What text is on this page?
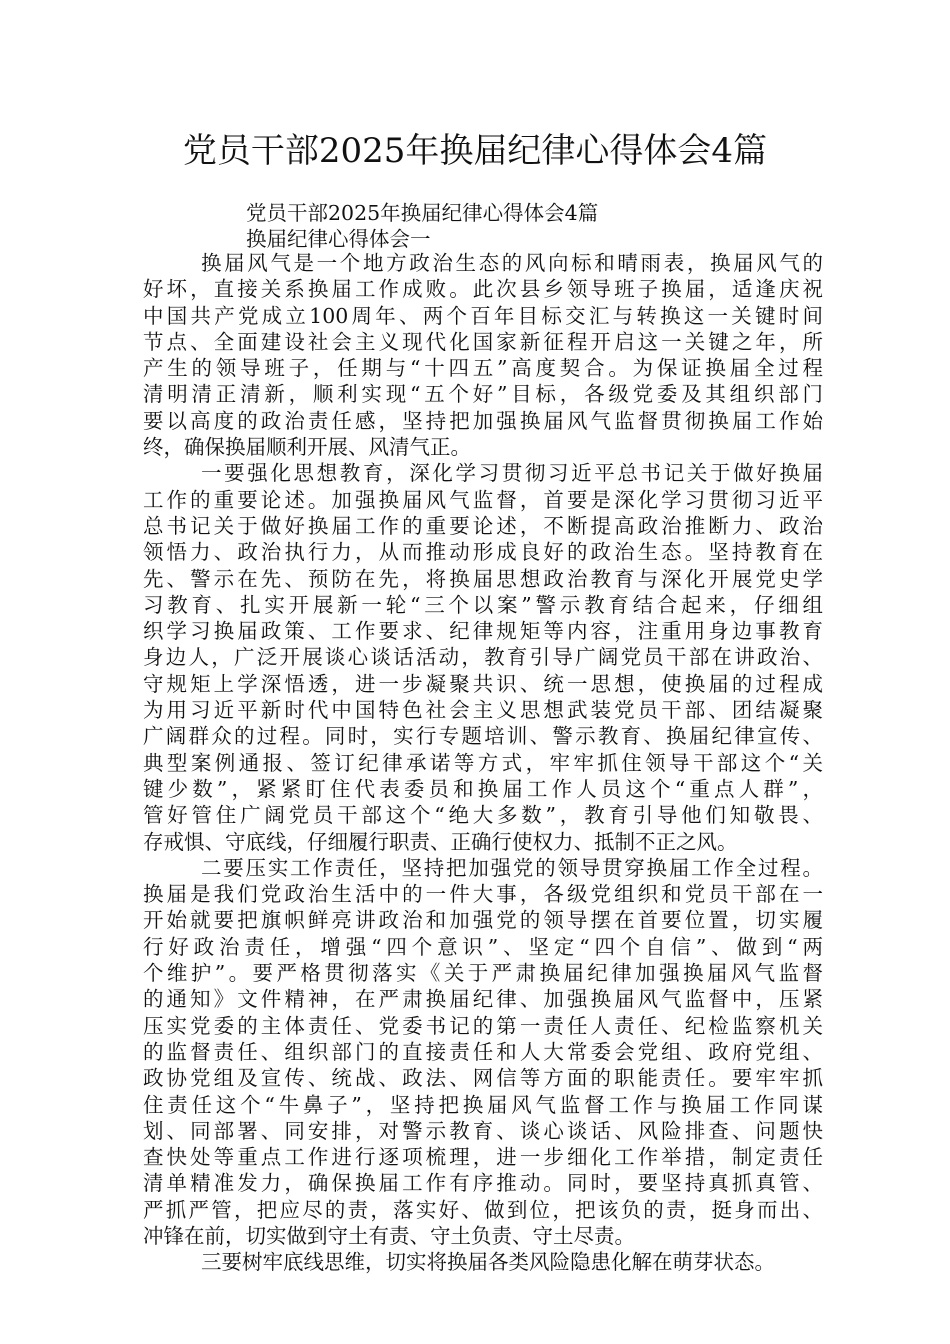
党员干部2025年换届纪律心得体会4篇
党员干部2025年换届纪律心得体会4篇
换届纪律心得体会一
换届风气是一个地方政治生态的风向标和晴雨表，换届风气的
好坏，直接关系换届工作成败。此次县乡领导班子换届，适逢庆祝
中国共产党成立100周年、两个百年目标交汇与转换这一关键时间
节点、全面建设社会主义现代化国家新征程开启这一关键之年，所
产生的领导班子，任期与“十四五”高度契合。为保证换届全过程
清明清正清新，顺利实现“五个好”目标，各级党委及其组织部门
要以高度的政治责任感，坚持把加强换届风气监督贯彻换届工作始
终，确保换届顺利开展、风清气正。
一要强化思想教育，深化学习贯彻习近平总书记关于做好换届
工作的重要论述。加强换届风气监督，首要是深化学习贯彻习近平
总书记关于做好换届工作的重要论述，不断提高政治推断力、政治
领悟力、政治执行力，从而推动形成良好的政治生态。坚持教育在
先、警示在先、预防在先，将换届思想政治教育与深化开展党史学
习教育、扎实开展新一轮“三个以案”警示教育结合起来，仔细组
织学习换届政策、工作要求、纪律规矩等内容，注重用身边事教育
身边人，广泛开展谈心谈话活动，教育引导广阔党员干部在讲政治、
守规矩上学深悟透，进一步凝聚共识、统一思想，使换届的过程成
为用习近平新时代中国特色社会主义思想武装党员干部、团结凝聚
广阔群众的过程。同时，实行专题培训、警示教育、换届纪律宣传、
典型案例通报、签订纪律承诺等方式，牢牢抓住领导干部这个“关
键少数”，紧紧盯住代表委员和换届工作人员这个“重点人群”，
管好管住广阔党员干部这个“绝大多数”，教育引导他们知敬畏、
存戒惧、守底线，仔细履行职责、正确行使权力、抵制不正之风。
二要压实工作责任，坚持把加强党的领导贯穿换届工作全过程。
换届是我们党政治生活中的一件大事，各级党组织和党员干部在一
开始就要把旗帜鲜亮讲政治和加强党的领导摆在首要位置，切实履
行好政治责任，增强“四个意识”、坚定“四个自信”、做到“两
个维护”。要严格贯彻落实《关于严肃换届纪律加强换届风气监督
的通知》文件精神，在严肃换届纪律、加强换届风气监督中，压紧
压实党委的主体责任、党委书记的第一责任人责任、纪检监察机关
的监督责任、组织部门的直接责任和人大常委会党组、政府党组、
政协党组及宣传、统战、政法、网信等方面的职能责任。要牢牢抓
住责任这个“牛鼻子”，坚持把换届风气监督工作与换届工作同谋
划、同部署、同安排，对警示教育、谈心谈话、风险排查、问题快
查快处等重点工作进行逐项梳理，进一步细化工作举措，制定责任
清单精准发力，确保换届工作有序推动。同时，要坚持真抓真管、
严抓严管，把应尽的责，落实好、做到位，把该负的责，挺身而出、
冲锋在前，切实做到守土有责、守土负责、守土尽责。
三要树牢底线思维，切实将换届各类风险隐患化解在萌芽状态。
